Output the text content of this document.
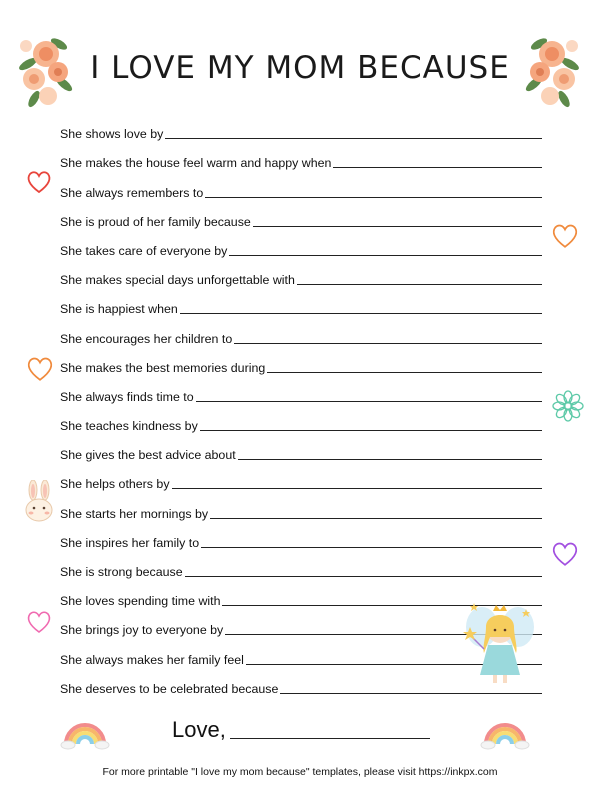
I LOVE MY MOM BECAUSE
She shows love by
She makes the house feel warm and happy when
She always remembers to
She is proud of her family because
She takes care of everyone by
She makes special days unforgettable with
She is happiest when
She encourages her children to
She makes the best memories during
She always finds time to
She teaches kindness by
She gives the best advice about
She helps others by
She starts her mornings by
She inspires her family to
She is strong because
She loves spending time with
She brings joy to everyone by
She always makes her family feel
She deserves to be celebrated because
Love,
For more printable "I love my mom because" templates, please visit https://inkpx.com
